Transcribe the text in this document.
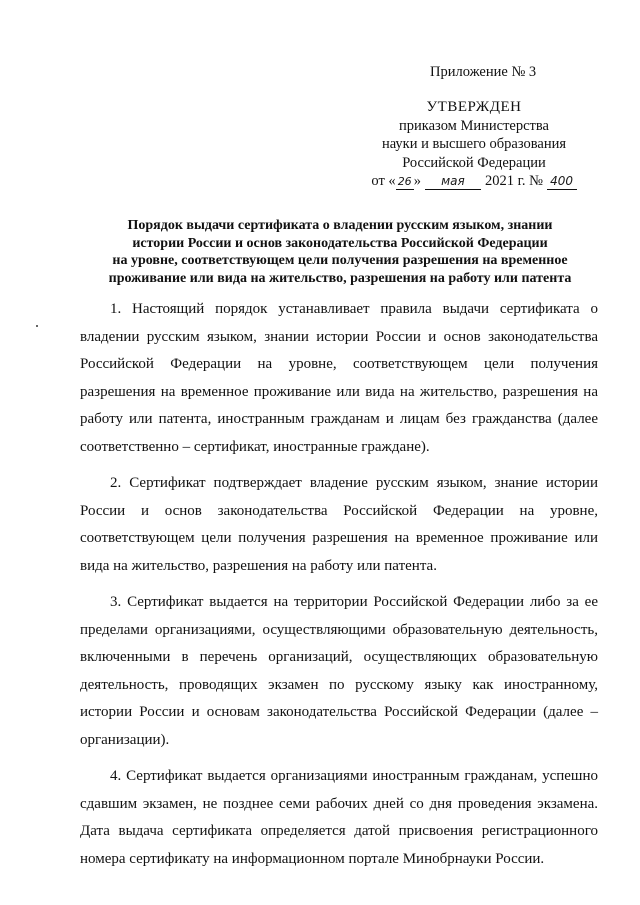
Приложение № 3
УТВЕРЖДЕН
приказом Министерства
науки и высшего образования
Российской Федерации
от « 26 » мая 2021 г. № 400
Порядок выдачи сертификата о владении русским языком, знании
истории России и основ законодательства Российской Федерации
на уровне, соответствующем цели получения разрешения на временное
проживание или вида на жительство, разрешения на работу или патента

1. Настоящий порядок устанавливает правила выдачи сертификата о владении русским языком, знании истории России и основ законодательства Российской Федерации на уровне, соответствующем цели получения разрешения на временное проживание или вида на жительство, разрешения на работу или патента, иностранным гражданам и лицам без гражданства (далее соответственно – сертификат, иностранные граждане).

2. Сертификат подтверждает владение русским языком, знание истории России и основ законодательства Российской Федерации на уровне, соответствующем цели получения разрешения на временное проживание или вида на жительство, разрешения на работу или патента.

3. Сертификат выдается на территории Российской Федерации либо за ее пределами организациями, осуществляющими образовательную деятельность, включенными в перечень организаций, осуществляющих образовательную деятельность, проводящих экзамен по русскому языку как иностранному, истории России и основам законодательства Российской Федерации (далее – организации).

4. Сертификат выдается организациями иностранным гражданам, успешно сдавшим экзамен, не позднее семи рабочих дней со дня проведения экзамена. Дата выдача сертификата определяется датой присвоения регистрационного номера сертификату на информационном портале Минобрнауки России.
